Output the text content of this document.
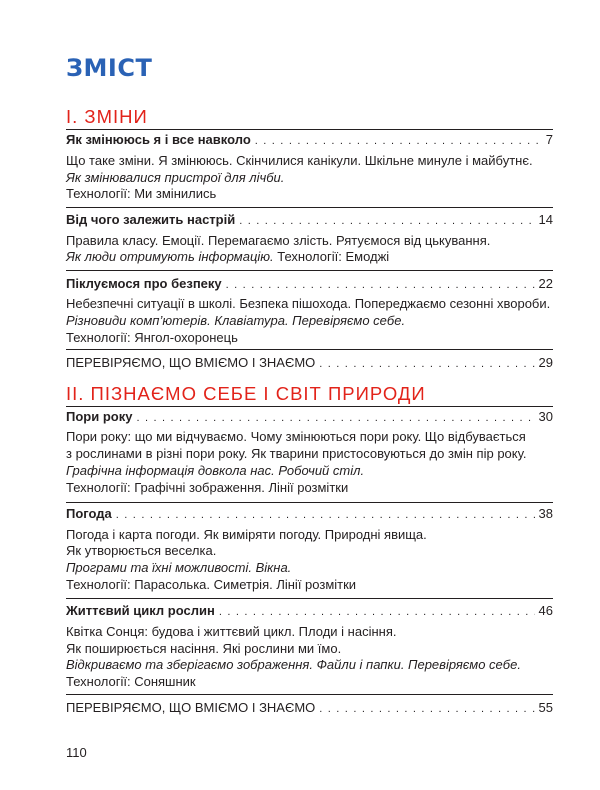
ЗМІСТ
I. ЗМІНИ
Як змінююсь я і все навколо . . .	7
Що таке зміни. Я змінююсь. Скінчилися канікули. Шкільне минуле і майбутнє.
Як змінювалися пристрої для лічби.
Технології: Ми змінились
Від чого залежить настрій . . .	14
Правила класу. Емоції. Перемагаємо злість. Рятуємося від цькування.
Як люди отримують інформацію. Технології: Емоджі
Піклуємося про безпеку . . .	22
Небезпечні ситуації в школі. Безпека пішохода. Попереджаємо сезонні хвороби.
Різновиди комп’ютерів. Клавіатура. Перевіряємо себе.
Технології: Янгол-охоронець
ПЕРЕВІРЯЄМО, ЩО ВМІЄМО І ЗНАЄМО . . .	29
II. ПІЗНАЄМО СЕБЕ І СВІТ ПРИРОДИ
Пори року . . .	30
Пори року: що ми відчуваємо. Чому змінюються пори року. Що відбувається
з рослинами в різні пори року. Як тварини пристосовуються до змін пір року.
Графічна інформація довкола нас. Робочий стіл.
Технології: Графічні зображення. Лінії розмітки
Погода . . .	38
Погода і карта погоди. Як виміряти погоду. Природні явища.
Як утворюється веселка.
Програми та їхні можливості. Вікна.
Технології: Парасолька. Симетрія. Лінії розмітки
Життєвий цикл рослин . . .	46
Квітка Сонця: будова і життєвий цикл. Плоди і насіння.
Як поширюється насіння. Які рослини ми їмо.
Відкриваємо та зберігаємо зображення. Файли і папки. Перевіряємо себе.
Технології: Соняшник
ПЕРЕВІРЯЄМО, ЩО ВМІЄМО І ЗНАЄМО . . .	55
110
